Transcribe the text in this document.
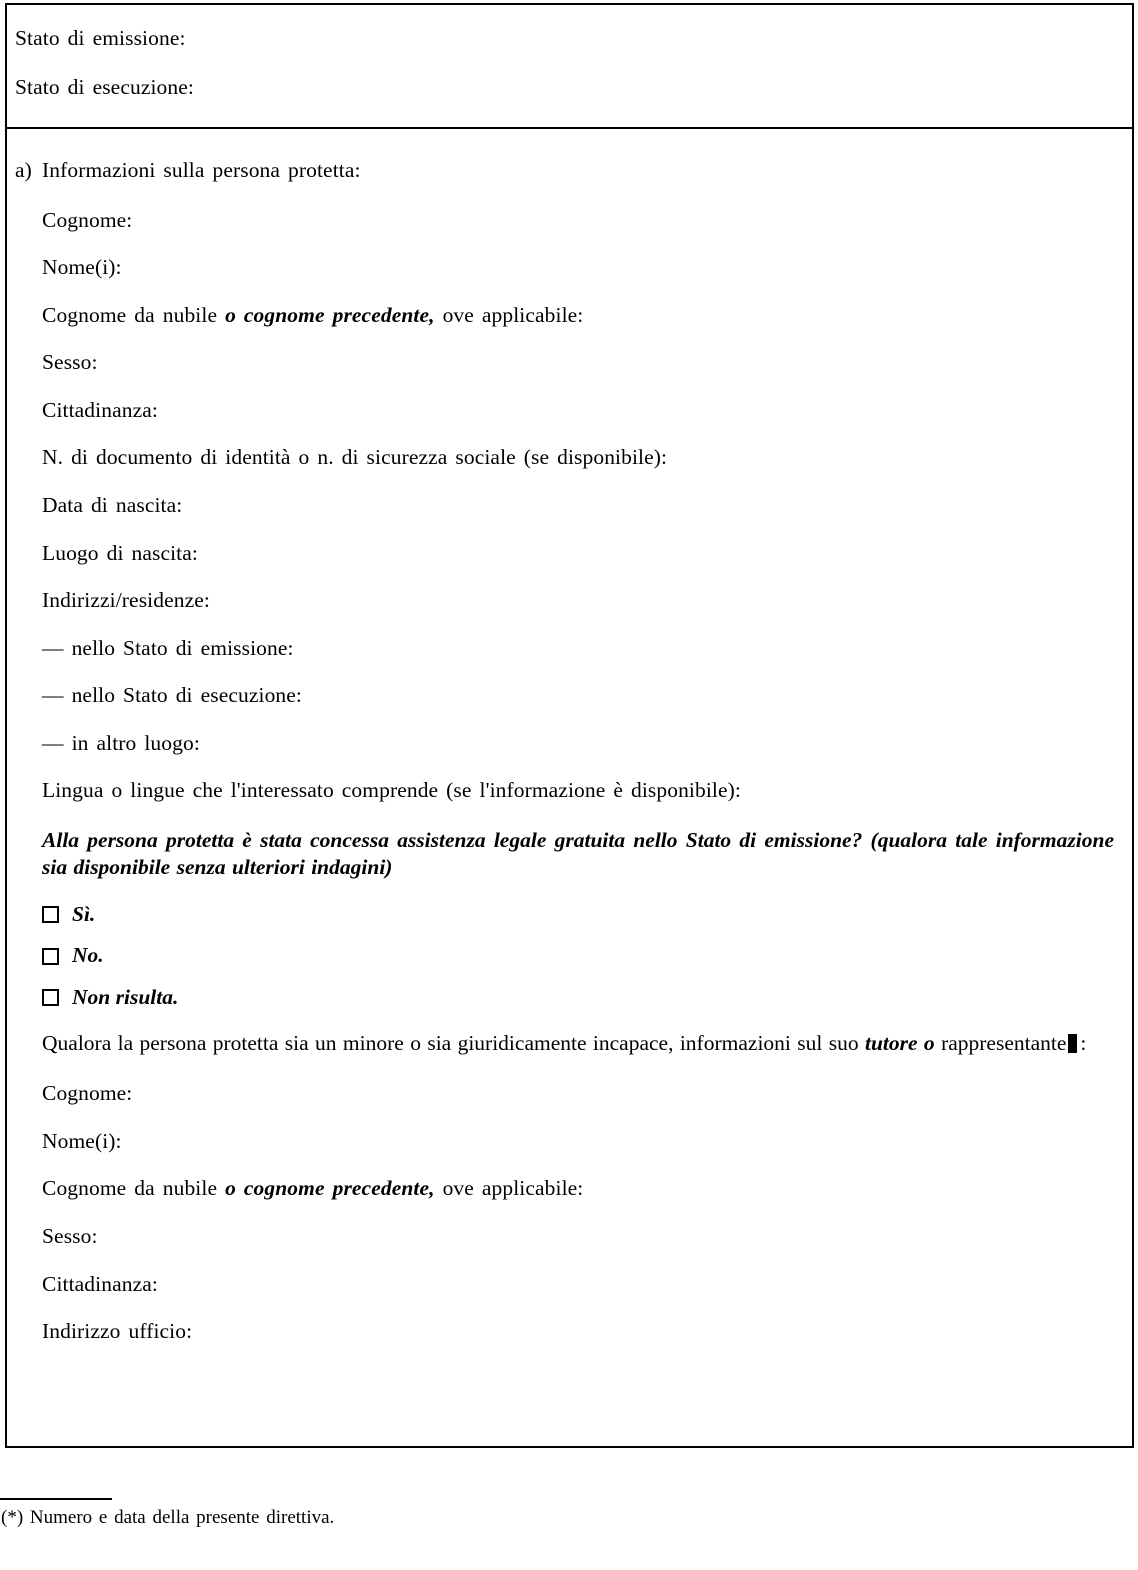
Stato di emissione:
Stato di esecuzione:
a) Informazioni sulla persona protetta:
Cognome:
Nome(i):
Cognome da nubile o cognome precedente, ove applicabile:
Sesso:
Cittadinanza:
N. di documento di identità o n. di sicurezza sociale (se disponibile):
Data di nascita:
Luogo di nascita:
Indirizzi/residenze:
— nello Stato di emissione:
— nello Stato di esecuzione:
— in altro luogo:
Lingua o lingue che l'interessato comprende (se l'informazione è disponibile):
Alla persona protetta è stata concessa assistenza legale gratuita nello Stato di emissione? (qualora tale informazione sia disponibile senza ulteriori indagini)
Sì.
No.
Non risulta.
Qualora la persona protetta sia un minore o sia giuridicamente incapace, informazioni sul suo tutore o rappresentante :
Cognome:
Nome(i):
Cognome da nubile o cognome precedente, ove applicabile:
Sesso:
Cittadinanza:
Indirizzo ufficio:
(*) Numero e data della presente direttiva.
